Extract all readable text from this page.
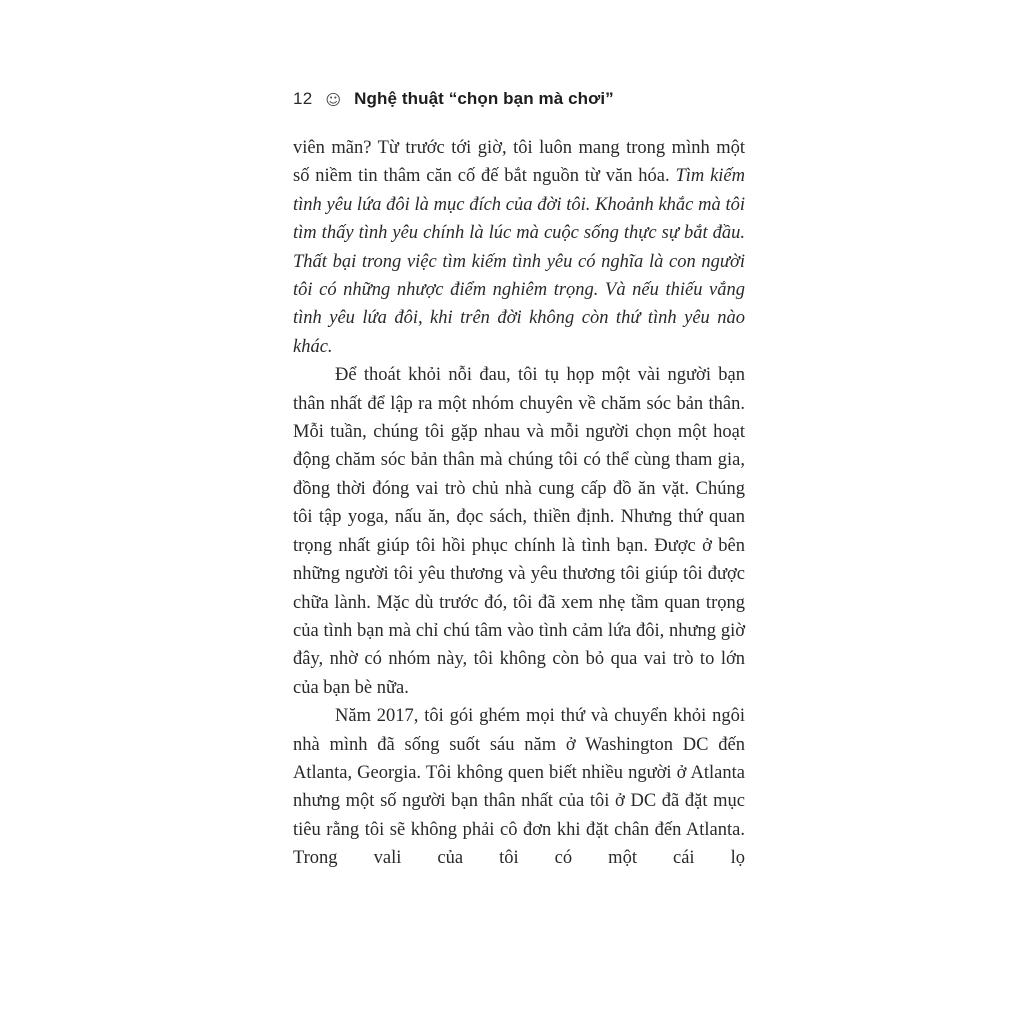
12 ☺ Nghệ thuật “chọn bạn mà chơi”

viên mãn? Từ trước tới giờ, tôi luôn mang trong mình một số niềm tin thâm căn cố đế bắt nguồn từ văn hóa. Tìm kiếm tình yêu lứa đôi là mục đích của đời tôi. Khoảnh khắc mà tôi tìm thấy tình yêu chính là lúc mà cuộc sống thực sự bắt đầu. Thất bại trong việc tìm kiếm tình yêu có nghĩa là con người tôi có những nhược điểm nghiêm trọng. Và nếu thiếu vắng tình yêu lứa đôi, khi trên đời không còn thứ tình yêu nào khác.

Để thoát khỏi nỗi đau, tôi tụ họp một vài người bạn thân nhất để lập ra một nhóm chuyên về chăm sóc bản thân. Mỗi tuần, chúng tôi gặp nhau và mỗi người chọn một hoạt động chăm sóc bản thân mà chúng tôi có thể cùng tham gia, đồng thời đóng vai trò chủ nhà cung cấp đồ ăn vặt. Chúng tôi tập yoga, nấu ăn, đọc sách, thiền định. Nhưng thứ quan trọng nhất giúp tôi hồi phục chính là tình bạn. Được ở bên những người tôi yêu thương và yêu thương tôi giúp tôi được chữa lành. Mặc dù trước đó, tôi đã xem nhẹ tầm quan trọng của tình bạn mà chỉ chú tâm vào tình cảm lứa đôi, nhưng giờ đây, nhờ có nhóm này, tôi không còn bỏ qua vai trò to lớn của bạn bè nữa.

Năm 2017, tôi gói ghém mọi thứ và chuyển khỏi ngôi nhà mình đã sống suốt sáu năm ở Washington DC đến Atlanta, Georgia. Tôi không quen biết nhiều người ở Atlanta nhưng một số người bạn thân nhất của tôi ở DC đã đặt mục tiêu rằng tôi sẽ không phải cô đơn khi đặt chân đến Atlanta. Trong vali của tôi có một cái lọ
